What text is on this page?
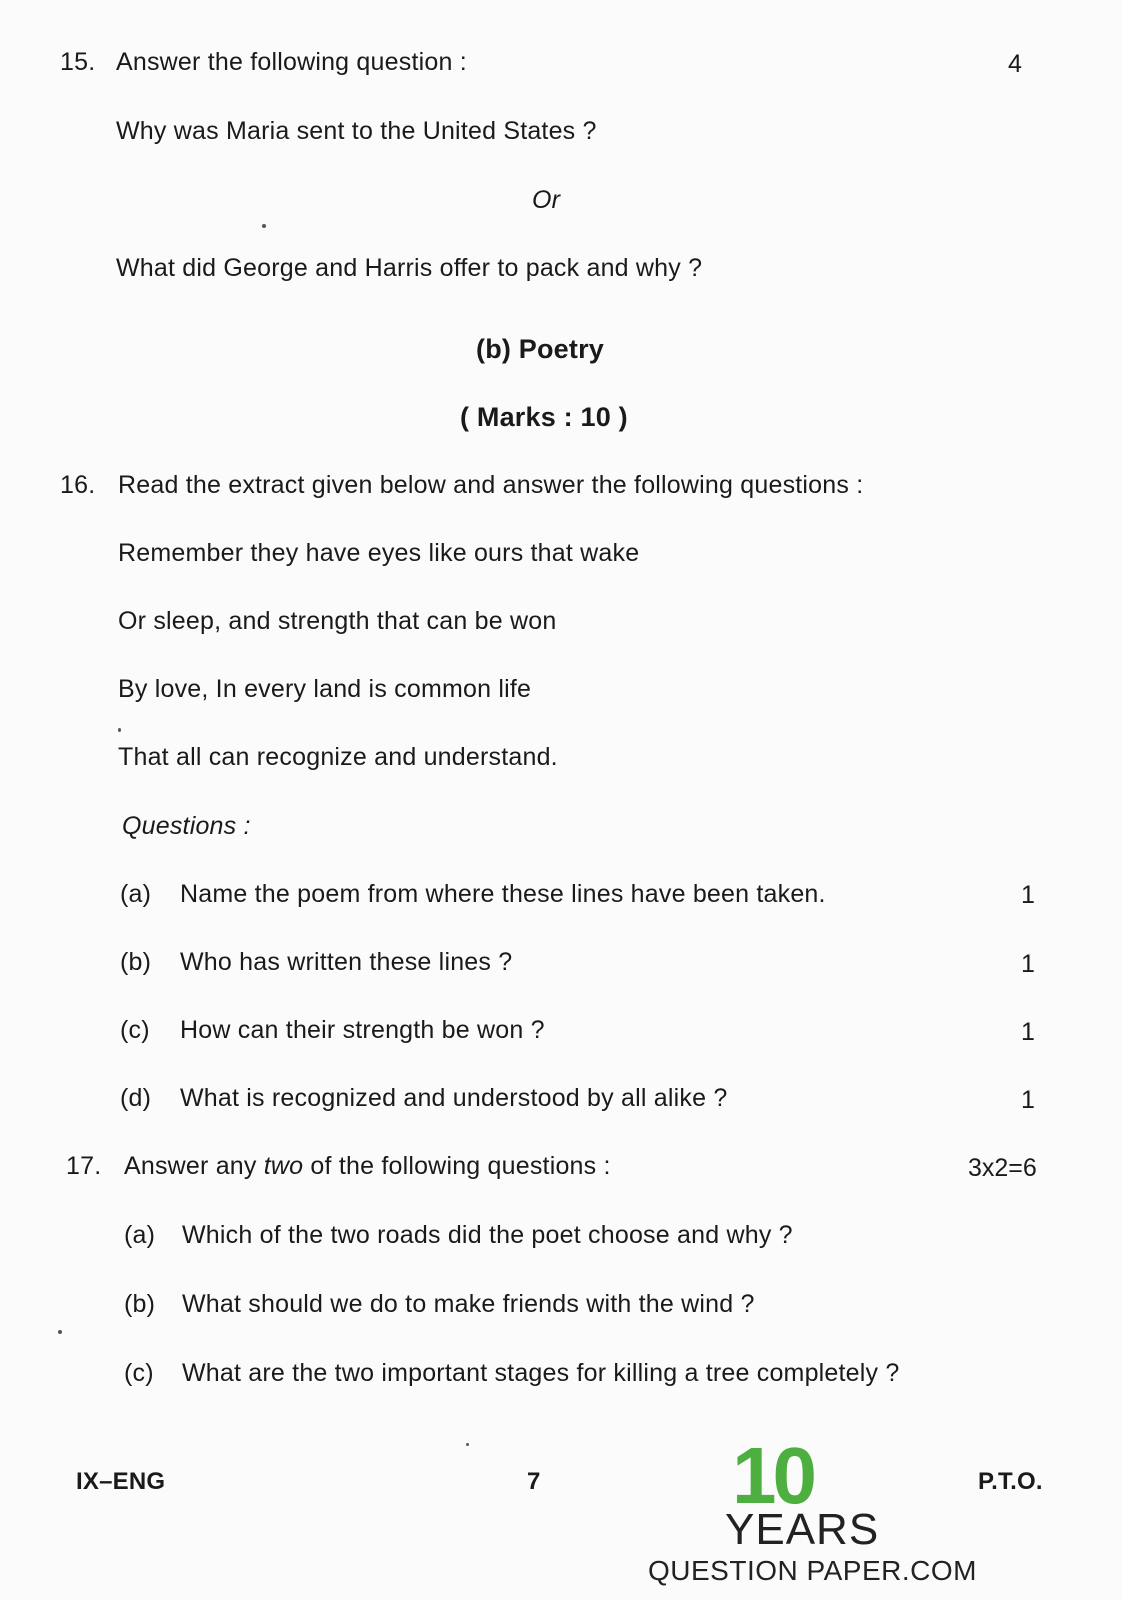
15. Answer the following question :	4
Why was Maria sent to the United States ?
Or
What did George and Harris offer to pack and why ?
(b) Poetry
( Marks : 10 )
16. Read the extract given below and answer the following questions :
Remember they have eyes like ours that wake
Or sleep, and strength that can be won
By love, In every land is common life
That all can recognize and understand.
Questions :
(a) Name the poem from where these lines have been taken.	1
(b) Who has written these lines ?	1
(c) How can their strength be won ?	1
(d) What is recognized and understood by all alike ?	1
17. Answer any two of the following questions :	3x2=6
(a) Which of the two roads did the poet choose and why ?
(b) What should we do to make friends with the wind ?
(c) What are the two important stages for killing a tree completely ?
IX–ENG	7	P.T.O.
10
YEARS
QUESTION PAPER.COM
